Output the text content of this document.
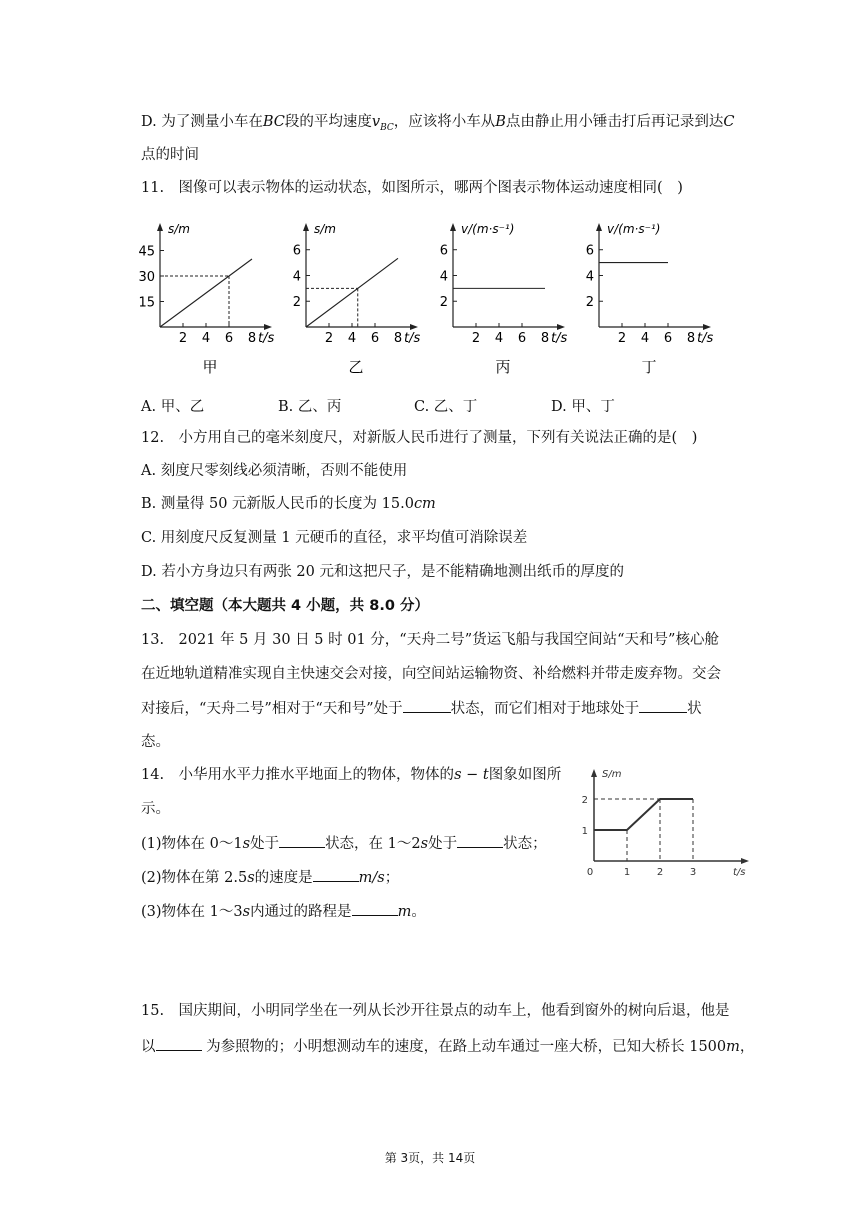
D. 为了测量小车在BC段的平均速度$v_{BC}$，应该将小车从B点由静止用小锤击打后再记录到达C
点的时间
11.　图像可以表示物体的运动状态，如图所示，哪两个图表示物体运动速度相同(　)
s/m
t/s
2 4 6 8
15
30
45
甲
s/m
t/s
2 4 6 8
2
4
6
乙
v/(m·s⁻¹)
t/s
2 4 6 8
2
4
6
丙
v/(m·s⁻¹)
t/s
2 4 6 8
2
4
6
丁
A. 甲、乙	B. 乙、丙	C. 乙、丁	D. 甲、丁
12.　小方用自己的毫米刻度尺，对新版人民币进行了测量，下列有关说法正确的是(　)
A. 刻度尺零刻线必须清晰，否则不能使用
B. 测量得 50 元新版人民币的长度为 15.0cm
C. 用刻度尺反复测量 1 元硬币的直径，求平均值可消除误差
D. 若小方身边只有两张 20 元和这把尺子，是不能精确地测出纸币的厚度的
二、填空题（本大题共 4 小题，共 8.0 分）
13.　2021 年 5 月 30 日 5 时 01 分，“天舟二号”货运飞船与我国空间站“天和号”核心舱
在近地轨道精准实现自主快速交会对接，向空间站运输物资、补给燃料并带走废弃物。交会
对接后，“天舟二号”相对于“天和号”处于	状态，而它们相对于地球处于	状
态。
14.　小华用水平力推水平地面上的物体，物体的s − t图象如图所
示。
(1)物体在 0～1s处于	状态，在 1～2s处于	状态；
(2)物体在第 2.5s的速度是	m/s；
(3)物体在 1～3s内通过的路程是	m。
S/m
t/s
0	1	2	3
1
2
15.　国庆期间，小明同学坐在一列从长沙开往景点的动车上，他看到窗外的树向后退，他是
以	为参照物的；小明想测动车的速度，在路上动车通过一座大桥，已知大桥长 1500m，
第 3页，共 14页
